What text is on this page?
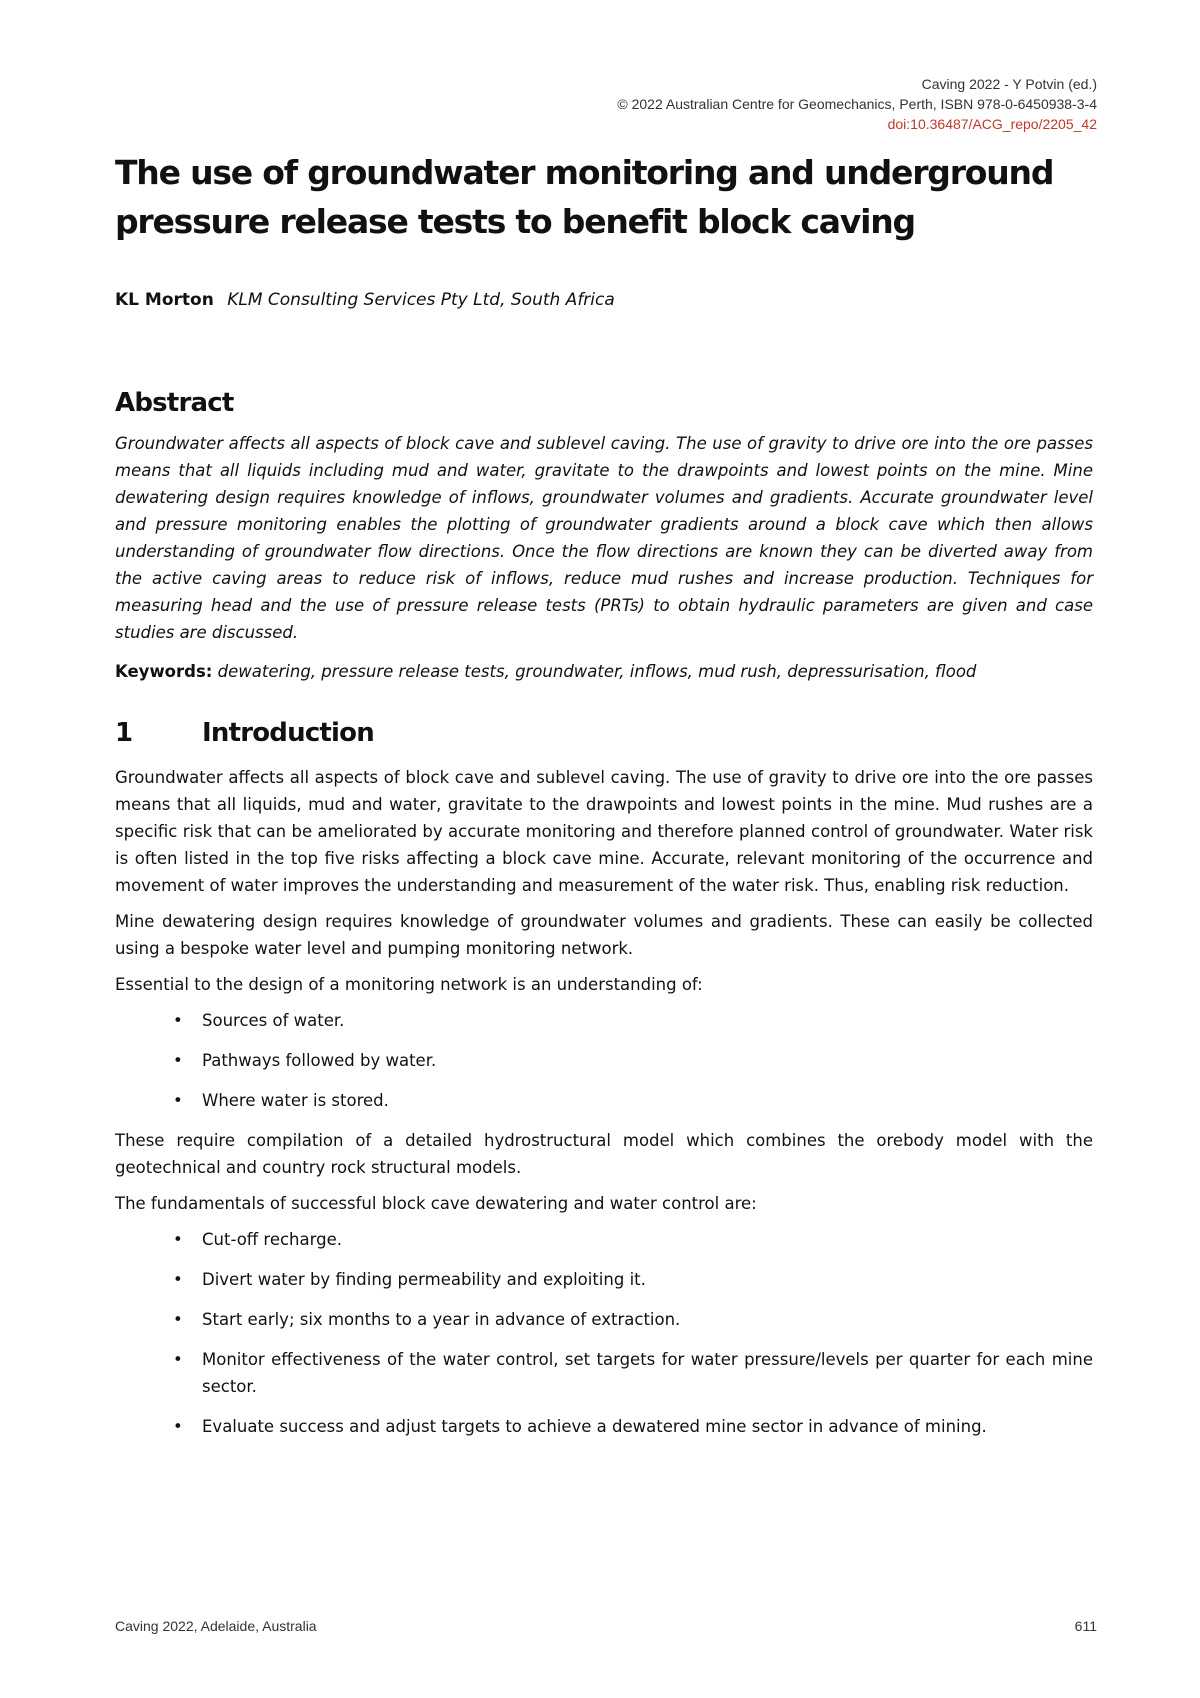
Caving 2022 - Y Potvin (ed.)
© 2022 Australian Centre for Geomechanics, Perth, ISBN 978-0-6450938-3-4
doi:10.36487/ACG_repo/2205_42
The use of groundwater monitoring and underground pressure release tests to benefit block caving
KL Morton KLM Consulting Services Pty Ltd, South Africa
Abstract
Groundwater affects all aspects of block cave and sublevel caving. The use of gravity to drive ore into the ore passes means that all liquids including mud and water, gravitate to the drawpoints and lowest points on the mine. Mine dewatering design requires knowledge of inflows, groundwater volumes and gradients. Accurate groundwater level and pressure monitoring enables the plotting of groundwater gradients around a block cave which then allows understanding of groundwater flow directions. Once the flow directions are known they can be diverted away from the active caving areas to reduce risk of inflows, reduce mud rushes and increase production. Techniques for measuring head and the use of pressure release tests (PRTs) to obtain hydraulic parameters are given and case studies are discussed.
Keywords: dewatering, pressure release tests, groundwater, inflows, mud rush, depressurisation, flood
1	Introduction

Groundwater affects all aspects of block cave and sublevel caving. The use of gravity to drive ore into the ore passes means that all liquids, mud and water, gravitate to the drawpoints and lowest points in the mine. Mud rushes are a specific risk that can be ameliorated by accurate monitoring and therefore planned control of groundwater. Water risk is often listed in the top five risks affecting a block cave mine. Accurate, relevant monitoring of the occurrence and movement of water improves the understanding and measurement of the water risk. Thus, enabling risk reduction.

Mine dewatering design requires knowledge of groundwater volumes and gradients. These can easily be collected using a bespoke water level and pumping monitoring network.

Essential to the design of a monitoring network is an understanding of:

• Sources of water.
• Pathways followed by water.
• Where water is stored.

These require compilation of a detailed hydrostructural model which combines the orebody model with the geotechnical and country rock structural models.

The fundamentals of successful block cave dewatering and water control are:

• Cut-off recharge.
• Divert water by finding permeability and exploiting it.
• Start early; six months to a year in advance of extraction.
• Monitor effectiveness of the water control, set targets for water pressure/levels per quarter for each mine sector.
• Evaluate success and adjust targets to achieve a dewatered mine sector in advance of mining.
Caving 2022, Adelaide, Australia	611
